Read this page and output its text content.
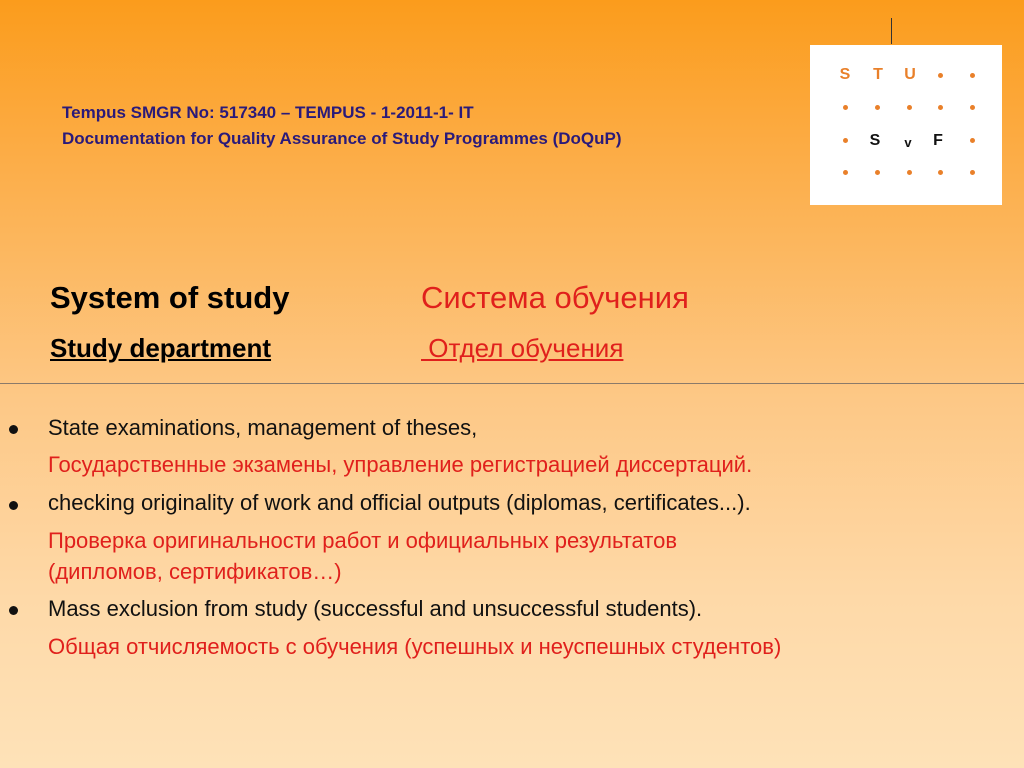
Tempus SMGR No: 517340 – TEMPUS - 1-2011-1- IT
Documentation for Quality Assurance of Study Programmes (DoQuP)
S	T	U
S	v	F
System of study	Система обучения
Study department	Отдел обучения
State examinations, management of theses,
Государственные экзамены, управление регистрацией диссертаций.
checking originality of work and official outputs (diplomas, certificates...).
Проверка оригинальности работ и официальных результатов
(дипломов, сертификатов…)
Mass exclusion from study (successful and unsuccessful students).
Общая отчисляемость с обучения (успешных и неуспешных студентов)
